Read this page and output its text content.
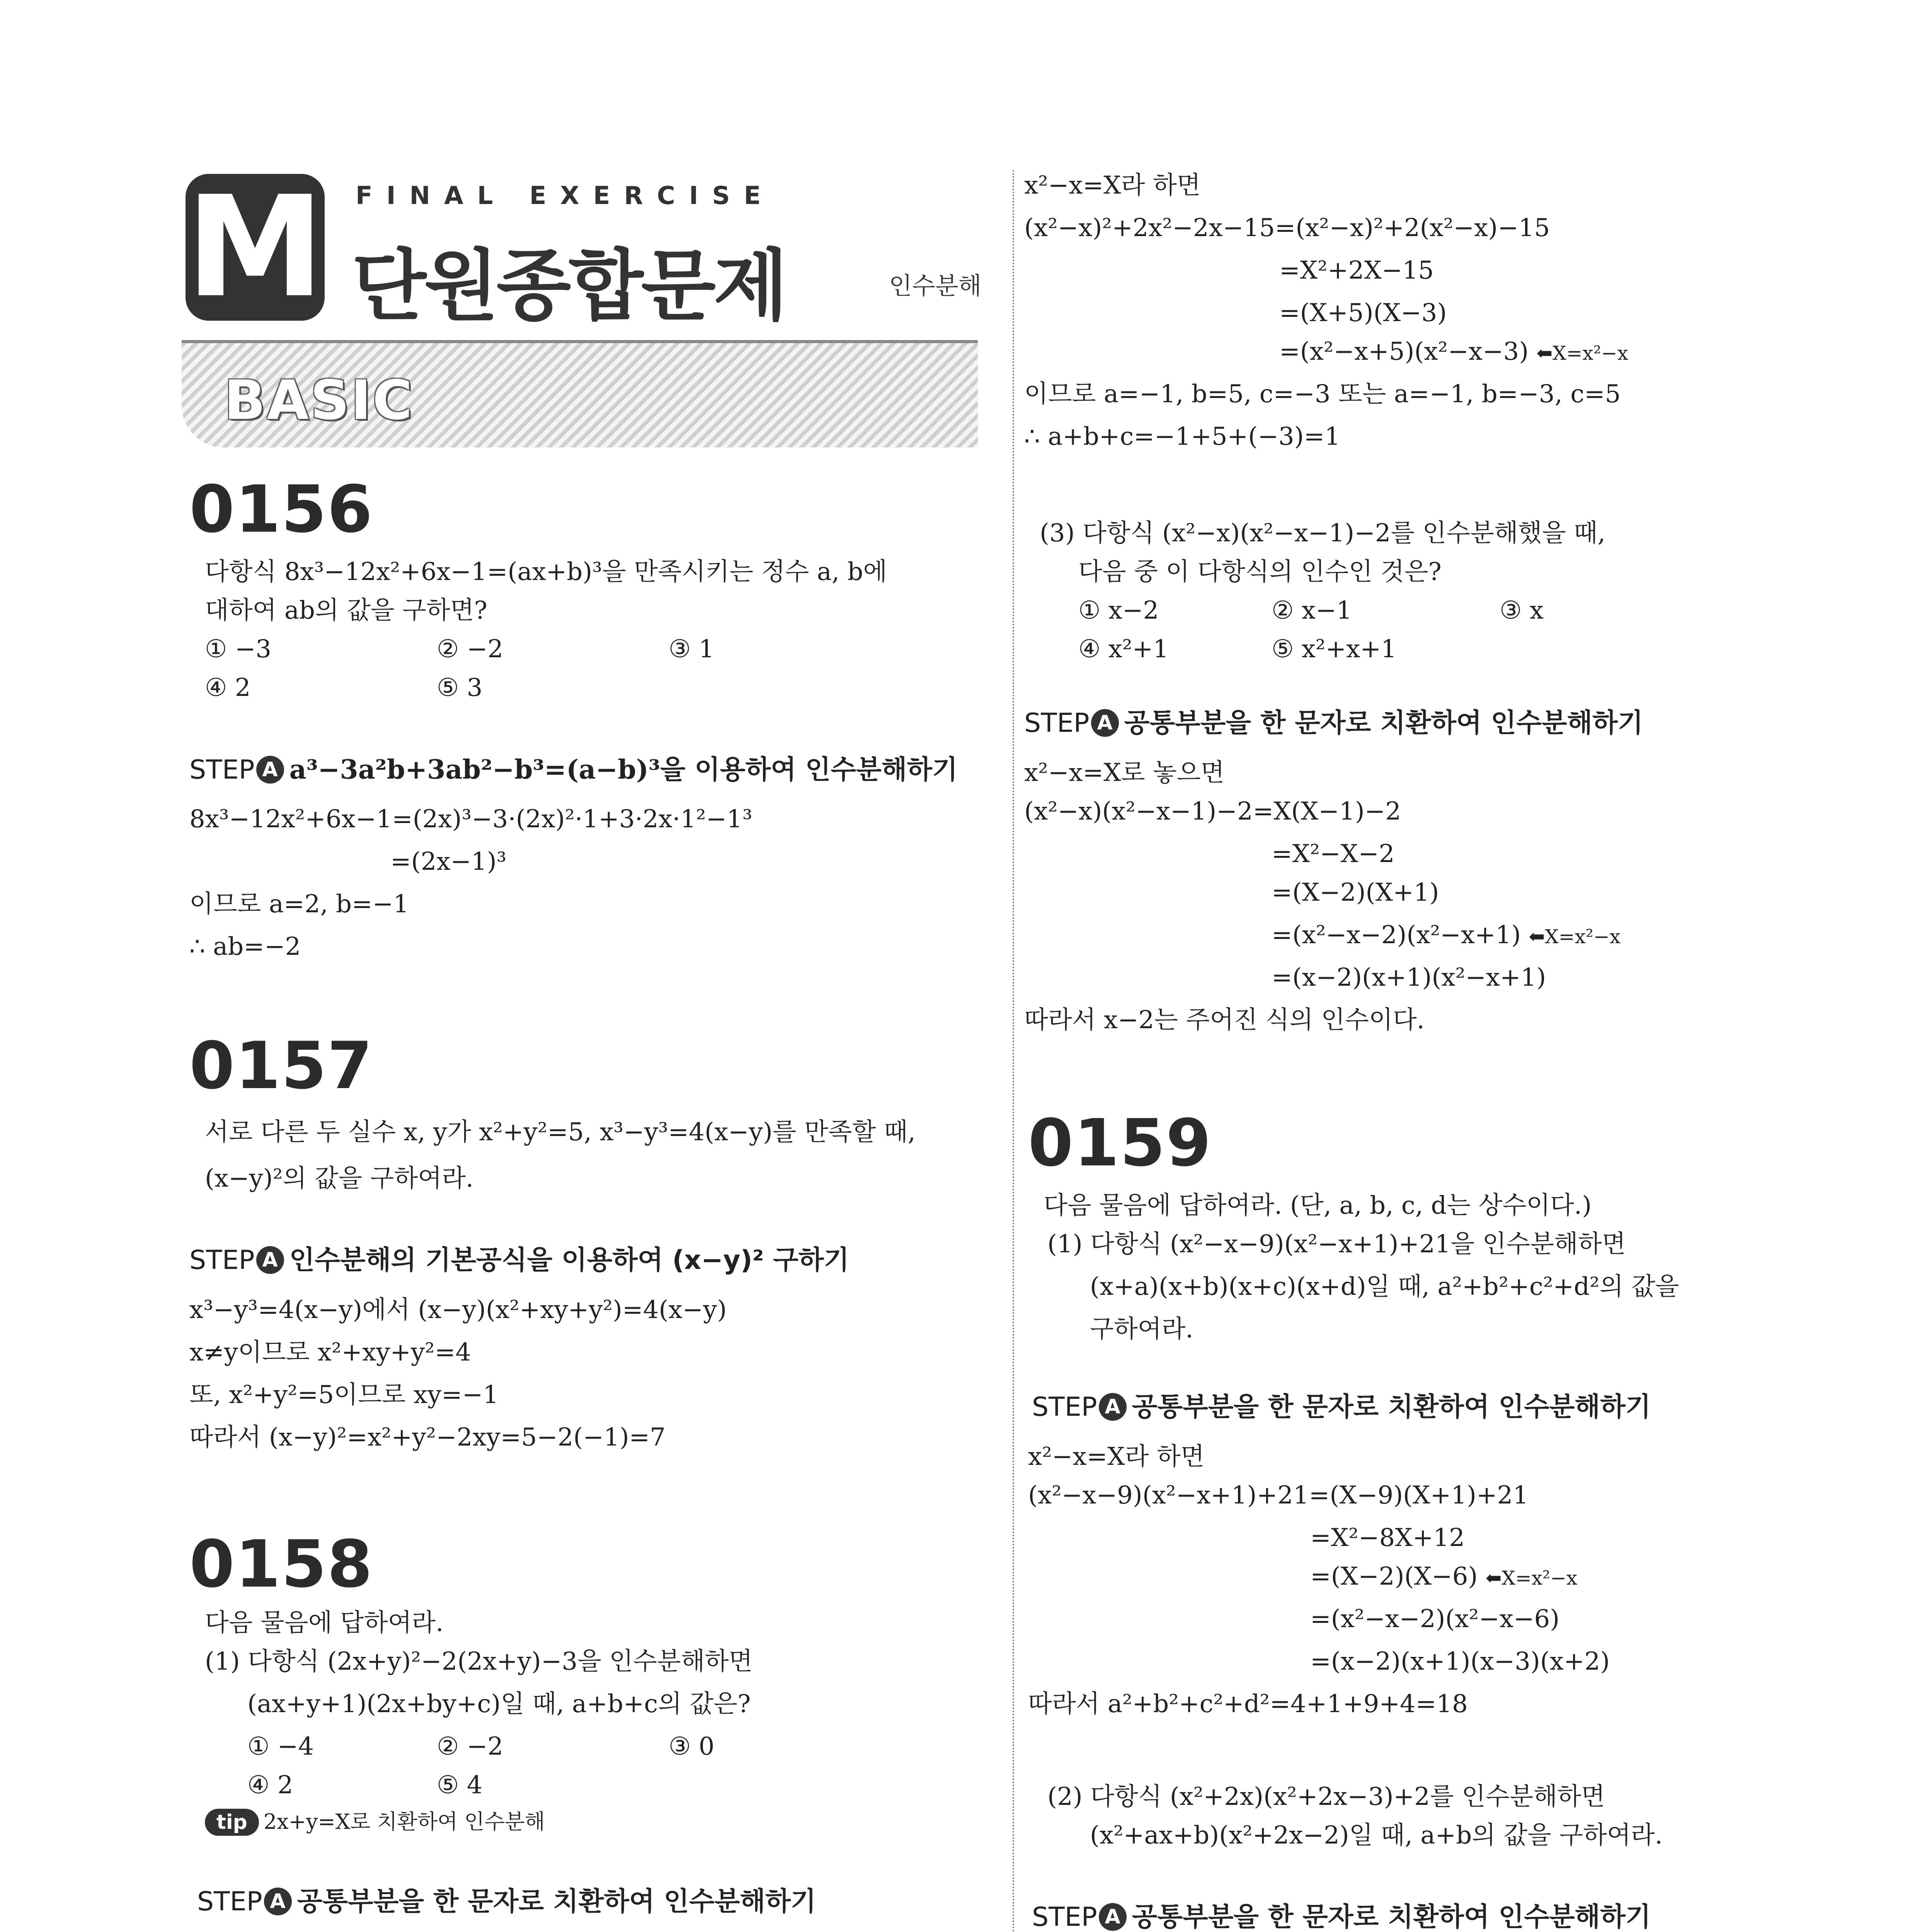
M FINAL EXERCISE
단원종합문제	인수분해
BASIC
0156
다항식 8x³−12x²+6x−1=(ax+b)³을 만족시키는 정수 a, b에
대하여 ab의 값을 구하면?
① −3	② −2	③ 1
④ 2	⑤ 3
STEP A a³−3a²b+3ab²−b³=(a−b)³을 이용하여 인수분해하기
8x³−12x²+6x−1=(2x)³−3·(2x)²·1+3·2x·1²−1³
=(2x−1)³
이므로 a=2, b=−1
∴ ab=−2
0157
서로 다른 두 실수 x, y가 x²+y²=5, x³−y³=4(x−y)를 만족할 때,
(x−y)²의 값을 구하여라.
STEP A 인수분해의 기본공식을 이용하여 (x−y)² 구하기
x³−y³=4(x−y)에서 (x−y)(x²+xy+y²)=4(x−y)
x≠y이므로 x²+xy+y²=4
또, x²+y²=5이므로 xy=−1
따라서 (x−y)²=x²+y²−2xy=5−2(−1)=7
0158
다음 물음에 답하여라.
(1) 다항식 (2x+y)²−2(2x+y)−3을 인수분해하면
(ax+y+1)(2x+by+c)일 때, a+b+c의 값은?
① −4	② −2	③ 0
④ 2	⑤ 4
tip 2x+y=X로 치환하여 인수분해
STEP A 공통부분을 한 문자로 치환하여 인수분해하기
x²−x=X라 하면
(x²−x)²+2x²−2x−15=(x²−x)²+2(x²−x)−15
=X²+2X−15
=(X+5)(X−3)
=(x²−x+5)(x²−x−3) ⬅X=x²−x
이므로 a=−1, b=5, c=−3 또는 a=−1, b=−3, c=5
∴ a+b+c=−1+5+(−3)=1
(3) 다항식 (x²−x)(x²−x−1)−2를 인수분해했을 때,
다음 중 이 다항식의 인수인 것은?
① x−2	② x−1	③ x
④ x²+1	⑤ x²+x+1
STEP A 공통부분을 한 문자로 치환하여 인수분해하기
x²−x=X로 놓으면
(x²−x)(x²−x−1)−2=X(X−1)−2
=X²−X−2
=(X−2)(X+1)
=(x²−x−2)(x²−x+1) ⬅X=x²−x
=(x−2)(x+1)(x²−x+1)
따라서 x−2는 주어진 식의 인수이다.
0159
다음 물음에 답하여라. (단, a, b, c, d는 상수이다.)
(1) 다항식 (x²−x−9)(x²−x+1)+21을 인수분해하면
(x+a)(x+b)(x+c)(x+d)일 때, a²+b²+c²+d²의 값을
구하여라.
STEP A 공통부분을 한 문자로 치환하여 인수분해하기
x²−x=X라 하면
(x²−x−9)(x²−x+1)+21=(X−9)(X+1)+21
=X²−8X+12
=(X−2)(X−6) ⬅X=x²−x
=(x²−x−2)(x²−x−6)
=(x−2)(x+1)(x−3)(x+2)
따라서 a²+b²+c²+d²=4+1+9+4=18
(2) 다항식 (x²+2x)(x²+2x−3)+2를 인수분해하면
(x²+ax+b)(x²+2x−2)일 때, a+b의 값을 구하여라.
STEP A 공통부분을 한 문자로 치환하여 인수분해하기
